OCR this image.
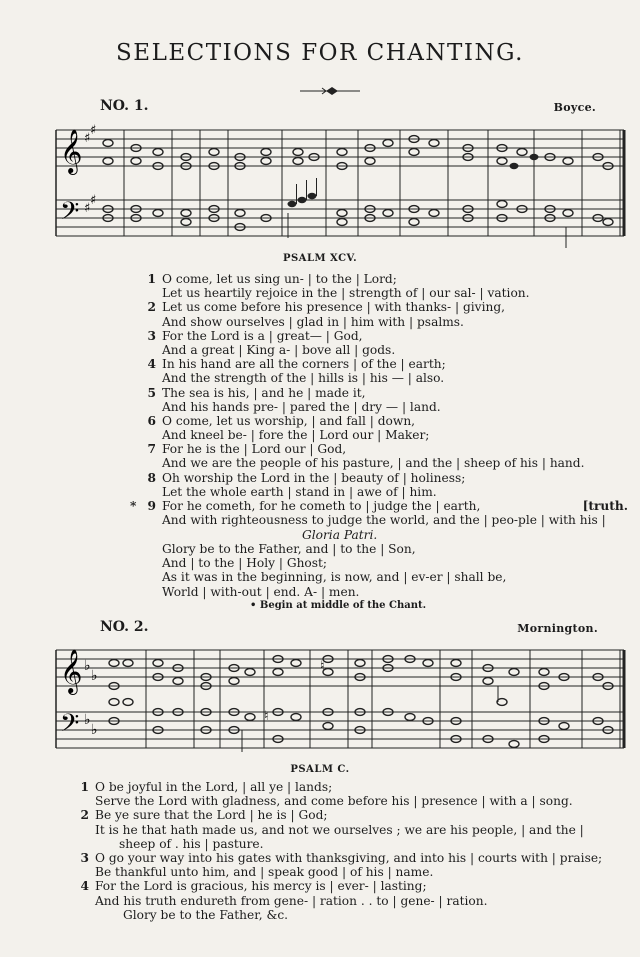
SELECTIONS FOR CHANTING.
NO. 1.	Boyce.
𝄞
𝄢
♯
♯
♯
♯
PSALM XCV.
1 O come, let us sing un- | to the | Lord;
Let us heartily rejoice in the | strength of | our sal- | vation.
2 Let us come before his presence | with thanks- | giving,
And show ourselves | glad in | him with | psalms.
3 For the Lord is a | great— | God,
And a great | King a- | bove all | gods.
4 In his hand are all the corners | of the | earth;
And the strength of the | hills is | his — | also.
5 The sea is his, | and he | made it,
And his hands pre- | pared the | dry — | land.
6 O come, let us worship, | and fall | down,
And kneel be- | fore the | Lord our | Maker;
7 For he is the | Lord our | God,
And we are the people of his pasture, | and the | sheep of his | hand.
8 Oh worship the Lord in the | beauty of | holiness;
Let the whole earth | stand in | awe of | him.
* 9 For he cometh, for he cometh to | judge the | earth,	[truth.
And with righteousness to judge the world, and the | peo-ple | with his |
Gloria Patri.
Glory be to the Father, and | to the | Son,
And | to the | Holy | Ghost;
As it was in the beginning, is now, and | ev-er | shall be,
World | with-out | end. A- | men.
• Begin at middle of the Chant.
NO. 2.	Mornington.
𝄞
𝄢
♭
♭
♭
♭
♮
♮
PSALM C.
1 O be joyful in the Lord, | all ye | lands;
Serve the Lord with gladness, and come before his | presence | with a | song.
2 Be ye sure that the Lord | he is | God;
It is he that hath made us, and not we ourselves ; we are his people, | and the |
sheep of . his | pasture.
3 O go your way into his gates with thanksgiving, and into his | courts with | praise;
Be thankful unto him, and | speak good | of his | name.
4 For the Lord is gracious, his mercy is | ever- | lasting;
And his truth endureth from gene- | ration . . to | gene- | ration.
Glory be to the Father, &c.
